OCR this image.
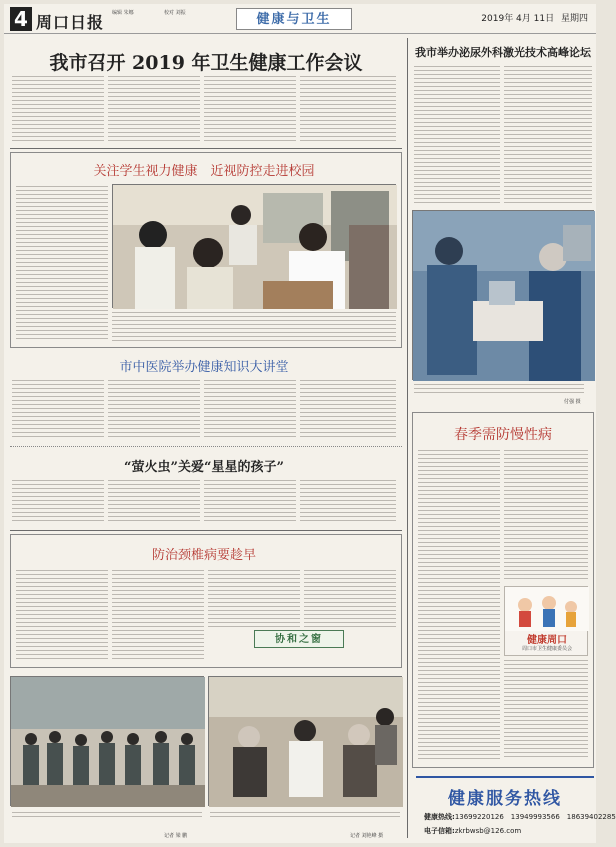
4 周口日报 编辑 朱娜	校对 刘振	健康与卫生	2019年 4月 11日 星期四
我市召开 2019 年卫生健康工作会议
关注学生视力健康　近视防控走进校园
市中医院举办健康知识大讲堂
“萤火虫”关爱“星星的孩子”
防治颈椎病要趁早
协和之窗
记者 梁 鹏	记者 刘艳峰 摄
我市举办泌尿外科激光技术高峰论坛
付强 摄
春季需防慢性病
健康周口
周口市卫生健康委员会
健康服务热线
健康热线:13699220126　13949993566　18639402285
电子信箱:zkrbwsb@126.com
